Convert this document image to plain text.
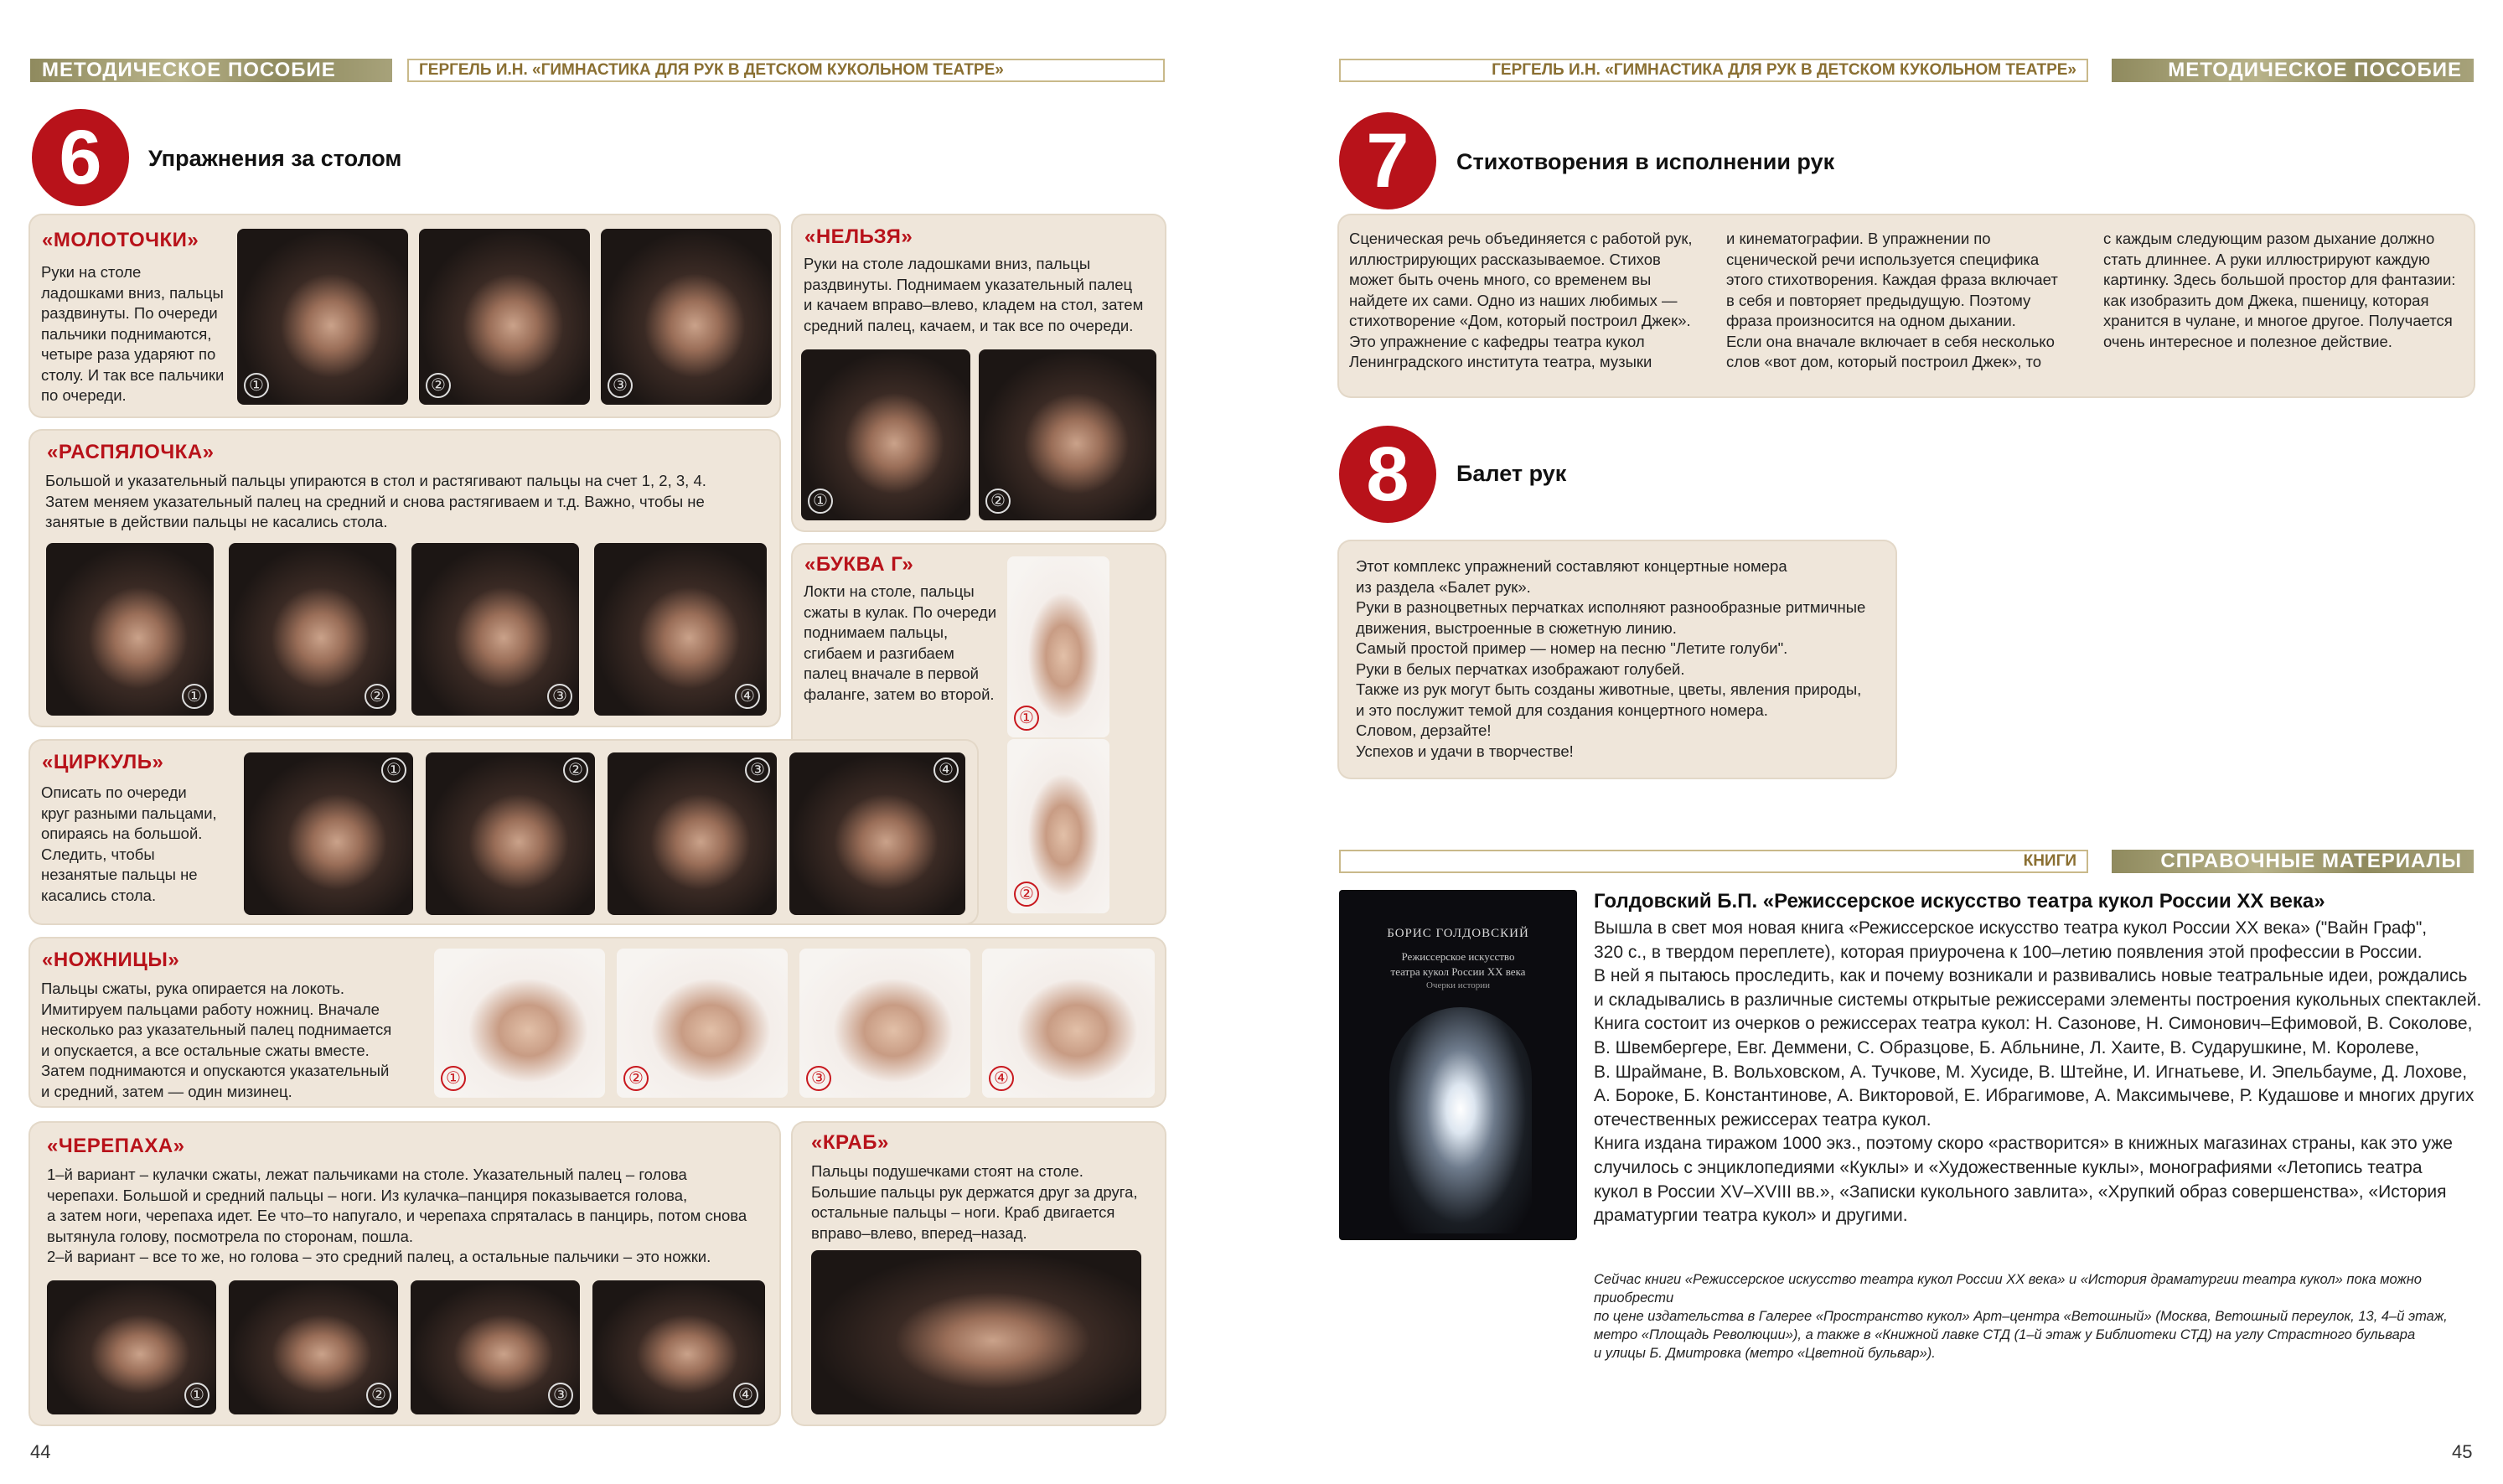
МЕТОДИЧЕСКОЕ ПОСОБИЕ	ГЕРГЕЛЬ И.Н. «ГИМНАСТИКА ДЛЯ РУК В ДЕТСКОМ КУКОЛЬНОМ ТЕАТРЕ»	ГЕРГЕЛЬ И.Н. «ГИМНАСТИКА ДЛЯ РУК В ДЕТСКОМ КУКОЛЬНОМ ТЕАТРЕ»	МЕТОДИЧЕСКОЕ ПОСОБИЕ
6	Упражнения за столом
«МОЛОТОЧКИ»
Руки на столе
ладошками вниз, пальцы
раздвинуты. По очереди
пальчики поднимаются,
четыре раза ударяют по
столу. И так все пальчики
по очереди.
①	②	③
«НЕЛЬЗЯ»
Руки на столе ладошками вниз, пальцы
раздвинуты. Поднимаем указательный палец
и качаем вправо–влево, кладем на стол, затем
средний палец, качаем, и так все по очереди.
①	②
«РАСПЯЛОЧКА»
Большой и указательный пальцы упираются в стол и растягивают пальцы на счет 1, 2, 3, 4.
Затем меняем указательный палец на средний и снова растягиваем и т.д. Важно, чтобы не
занятые в действии пальцы не касались стола.
①	②	③	④
«БУКВА Г»
Локти на столе, пальцы
сжаты в кулак. По очереди
поднимаем пальцы,
сгибаем и разгибаем
палец вначале в первой
фаланге, затем во второй.
①
②
«ЦИРКУЛЬ»
Описать по очереди
круг разными пальцами,
опираясь на большой.
Следить, чтобы
незанятые пальцы не
касались стола.
①	②	③	④
«НОЖНИЦЫ»
Пальцы сжаты, рука опирается на локоть.
Имитируем пальцами работу ножниц. Вначале
несколько раз указательный палец поднимается
и опускается, а все остальные сжаты вместе.
Затем поднимаются и опускаются указательный
и средний, затем — один мизинец.
①	②	③	④
«ЧЕРЕПАХА»
1–й вариант – кулачки сжаты, лежат пальчиками на столе. Указательный палец – голова
черепахи. Большой и средний пальцы – ноги. Из кулачка–панциря показывается голова,
а затем ноги, черепаха идет. Ее что–то напугало, и черепаха спряталась в панцирь, потом снова
вытянула голову, посмотрела по сторонам, пошла.
2–й вариант – все то же, но голова – это средний палец, а остальные пальчики – это ножки.
①	②	③	④
«КРАБ»
Пальцы подушечками стоят на столе.
Большие пальцы рук держатся друг за друга,
остальные пальцы – ноги. Краб двигается
вправо–влево, вперед–назад.
44
7	Стихотворения в исполнении рук
Сценическая речь объединяется с работой рук,
иллюстрирующих рассказываемое. Стихов
может быть очень много, со временем вы
найдете их сами. Одно из наших любимых —
стихотворение «Дом, который построил Джек».
Это упражнение с кафедры театра кукол
Ленинградского института театра, музыки
и кинематографии. В упражнении по
сценической речи используется специфика
этого стихотворения. Каждая фраза включает
в себя и повторяет предыдущую. Поэтому
фраза произносится на одном дыхании.
Если она вначале включает в себя несколько
слов «вот дом, который построил Джек», то
с каждым следующим разом дыхание должно
стать длиннее. А руки иллюстрируют каждую
картинку. Здесь большой простор для фантазии:
как изобразить дом Джека, пшеницу, которая
хранится в чулане, и многое другое. Получается
очень интересное и полезное действие.
8	Балет рук
Этот комплекс упражнений составляют концертные номера
из раздела «Балет рук».
Руки в разноцветных перчатках исполняют разнообразные ритмичные
движения, выстроенные в сюжетную линию.
Самый простой пример — номер на песню "Летите голуби".
Руки в белых перчатках изображают голубей.
Также из рук могут быть созданы животные, цветы, явления природы,
и это послужит темой для создания концертного номера.
Словом, дерзайте!
Успехов и удачи в творчестве!
КНИГИ	СПРАВОЧНЫЕ МАТЕРИАЛЫ
БОРИС ГОЛДОВСКИЙ
Режиссерское искусство
театра кукол России XX века
Очерки истории
Голдовский Б.П. «Режиссерское искусство театра кукол России XX века»
Вышла в свет моя новая книга «Режиссерское искусство театра кукол России XX века» ("Вайн Граф",
320 с., в твердом переплете), которая приурочена к 100–летию появления этой профессии в России.
В ней я пытаюсь проследить, как и почему возникали и развивались новые театральные идеи, рождались
и складывались в различные системы открытые режиссерами элементы построения кукольных спектаклей.
Книга состоит из очерков о режиссерах театра кукол: Н. Сазонове, Н. Симонович–Ефимовой, В. Соколове,
В. Швембергере, Евг. Деммени, С. Образцове, Б. Абльнине, Л. Хаите, В. Сударушкине, М. Королеве,
В. Шраймане, В. Вольховском, А. Тучкове, М. Хусиде, В. Штейне, И. Игнатьеве, И. Эпельбауме, Д. Лохове,
А. Бороке, Б. Константинове, А. Викторовой, Е. Ибрагимове, А. Максимычеве, Р. Кудашове и многих других
отечественных режиссерах театра кукол.
Книга издана тиражом 1000 экз., поэтому скоро «растворится» в книжных магазинах страны, как это уже
случилось с энциклопедиями «Куклы» и «Художественные куклы», монографиями «Летопись театра
кукол в России XV–XVIII вв.», «Записки кукольного завлита», «Хрупкий образ совершенства», «История
драматургии театра кукол» и другими.
Сейчас книги «Режиссерское искусство театра кукол России XX века» и «История драматургии театра кукол» пока можно приобрести
по цене издательства в Галерее «Пространство кукол» Арт–центра «Ветошный» (Москва, Ветошный переулок, 13, 4–й этаж,
метро «Площадь Революции»), а также в «Книжной лавке СТД (1–й этаж у Библиотеки СТД) на углу Страстного бульвара
и улицы Б. Дмитровка (метро «Цветной бульвар»).
45
